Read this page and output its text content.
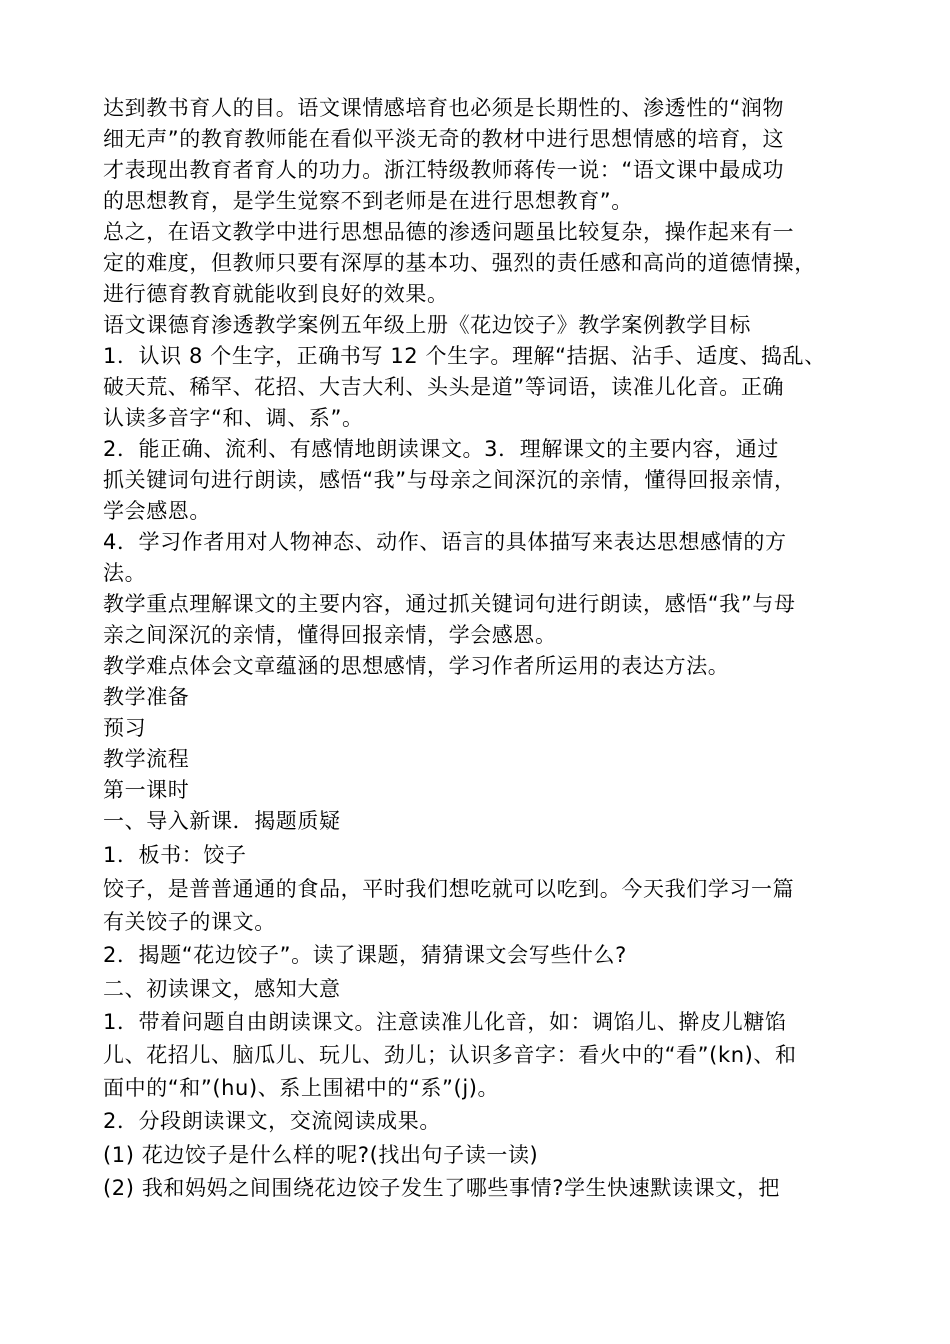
达到教书育人的目。语文课情感培育也必须是长期性的、渗透性的“润物
细无声”的教育教师能在看似平淡无奇的教材中进行思想情感的培育，这
才表现出教育者育人的功力。浙江特级教师蒋传一说：“语文课中最成功
的思想教育，是学生觉察不到老师是在进行思想教育”。
总之，在语文教学中进行思想品德的渗透问题虽比较复杂，操作起来有一
定的难度，但教师只要有深厚的基本功、强烈的责任感和高尚的道德情操，
进行德育教育就能收到良好的效果。
语文课德育渗透教学案例五年级上册《花边饺子》教学案例教学目标
1．认识 8 个生字，正确书写 12 个生字。理解“拮据、沾手、适度、捣乱、
破天荒、稀罕、花招、大吉大利、头头是道”等词语，读准儿化音。正确
认读多音字“和、调、系”。
2．能正确、流利、有感情地朗读课文。3．理解课文的主要内容，通过
抓关键词句进行朗读，感悟“我”与母亲之间深沉的亲情，懂得回报亲情，
学会感恩。
4．学习作者用对人物神态、动作、语言的具体描写来表达思想感情的方
法。
教学重点理解课文的主要内容，通过抓关键词句进行朗读，感悟“我”与母
亲之间深沉的亲情，懂得回报亲情，学会感恩。
教学难点体会文章蕴涵的思想感情，学习作者所运用的表达方法。
教学准备
预习
教学流程
第一课时
一、导入新课．揭题质疑
1．板书：饺子
饺子，是普普通通的食品，平时我们想吃就可以吃到。今天我们学习一篇
有关饺子的课文。
2．揭题“花边饺子”。读了课题，猜猜课文会写些什么?
二、初读课文，感知大意
1．带着问题自由朗读课文。注意读准儿化音，如：调馅儿、擀皮儿糖馅
儿、花招儿、脑瓜儿、玩儿、劲儿；认识多音字：看火中的“看”(kn)、和
面中的“和”(hu)、系上围裙中的“系”(j)。
2．分段朗读课文，交流阅读成果。
(1) 花边饺子是什么样的呢?(找出句子读一读)
(2) 我和妈妈之间围绕花边饺子发生了哪些事情?学生快速默读课文，把
